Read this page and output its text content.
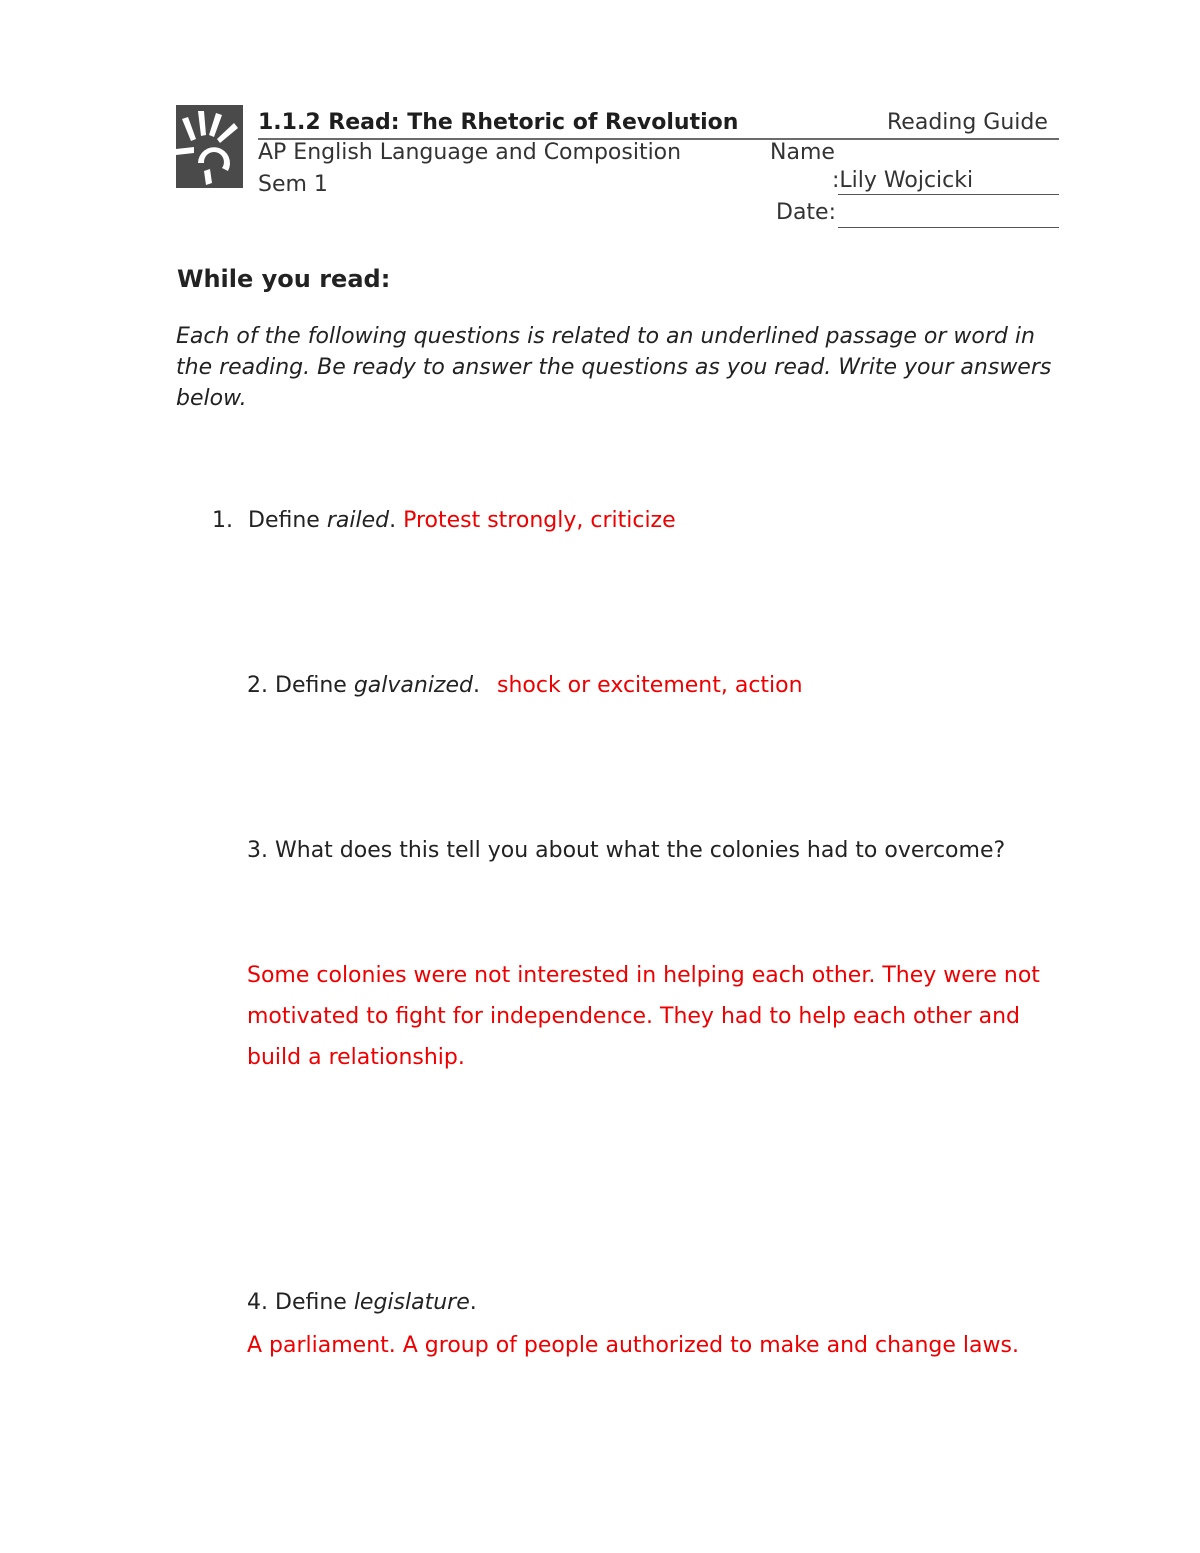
1.1.2 Read: The Rhetoric of Revolution	Reading Guide
AP English Language and Composition
Sem 1
Name
:Lily Wojcicki
Date:
While you read:
Each of the following questions is related to an underlined passage or word in the reading. Be ready to answer the questions as you read. Write your answers below.
1. Define railed. Protest strongly, criticize
2. Define galvanized. shock or excitement, action
3. What does this tell you about what the colonies had to overcome?
Some colonies were not interested in helping each other. They were not motivated to fight for independence. They had to help each other and build a relationship.
4. Define legislature.
A parliament. A group of people authorized to make and change laws.
